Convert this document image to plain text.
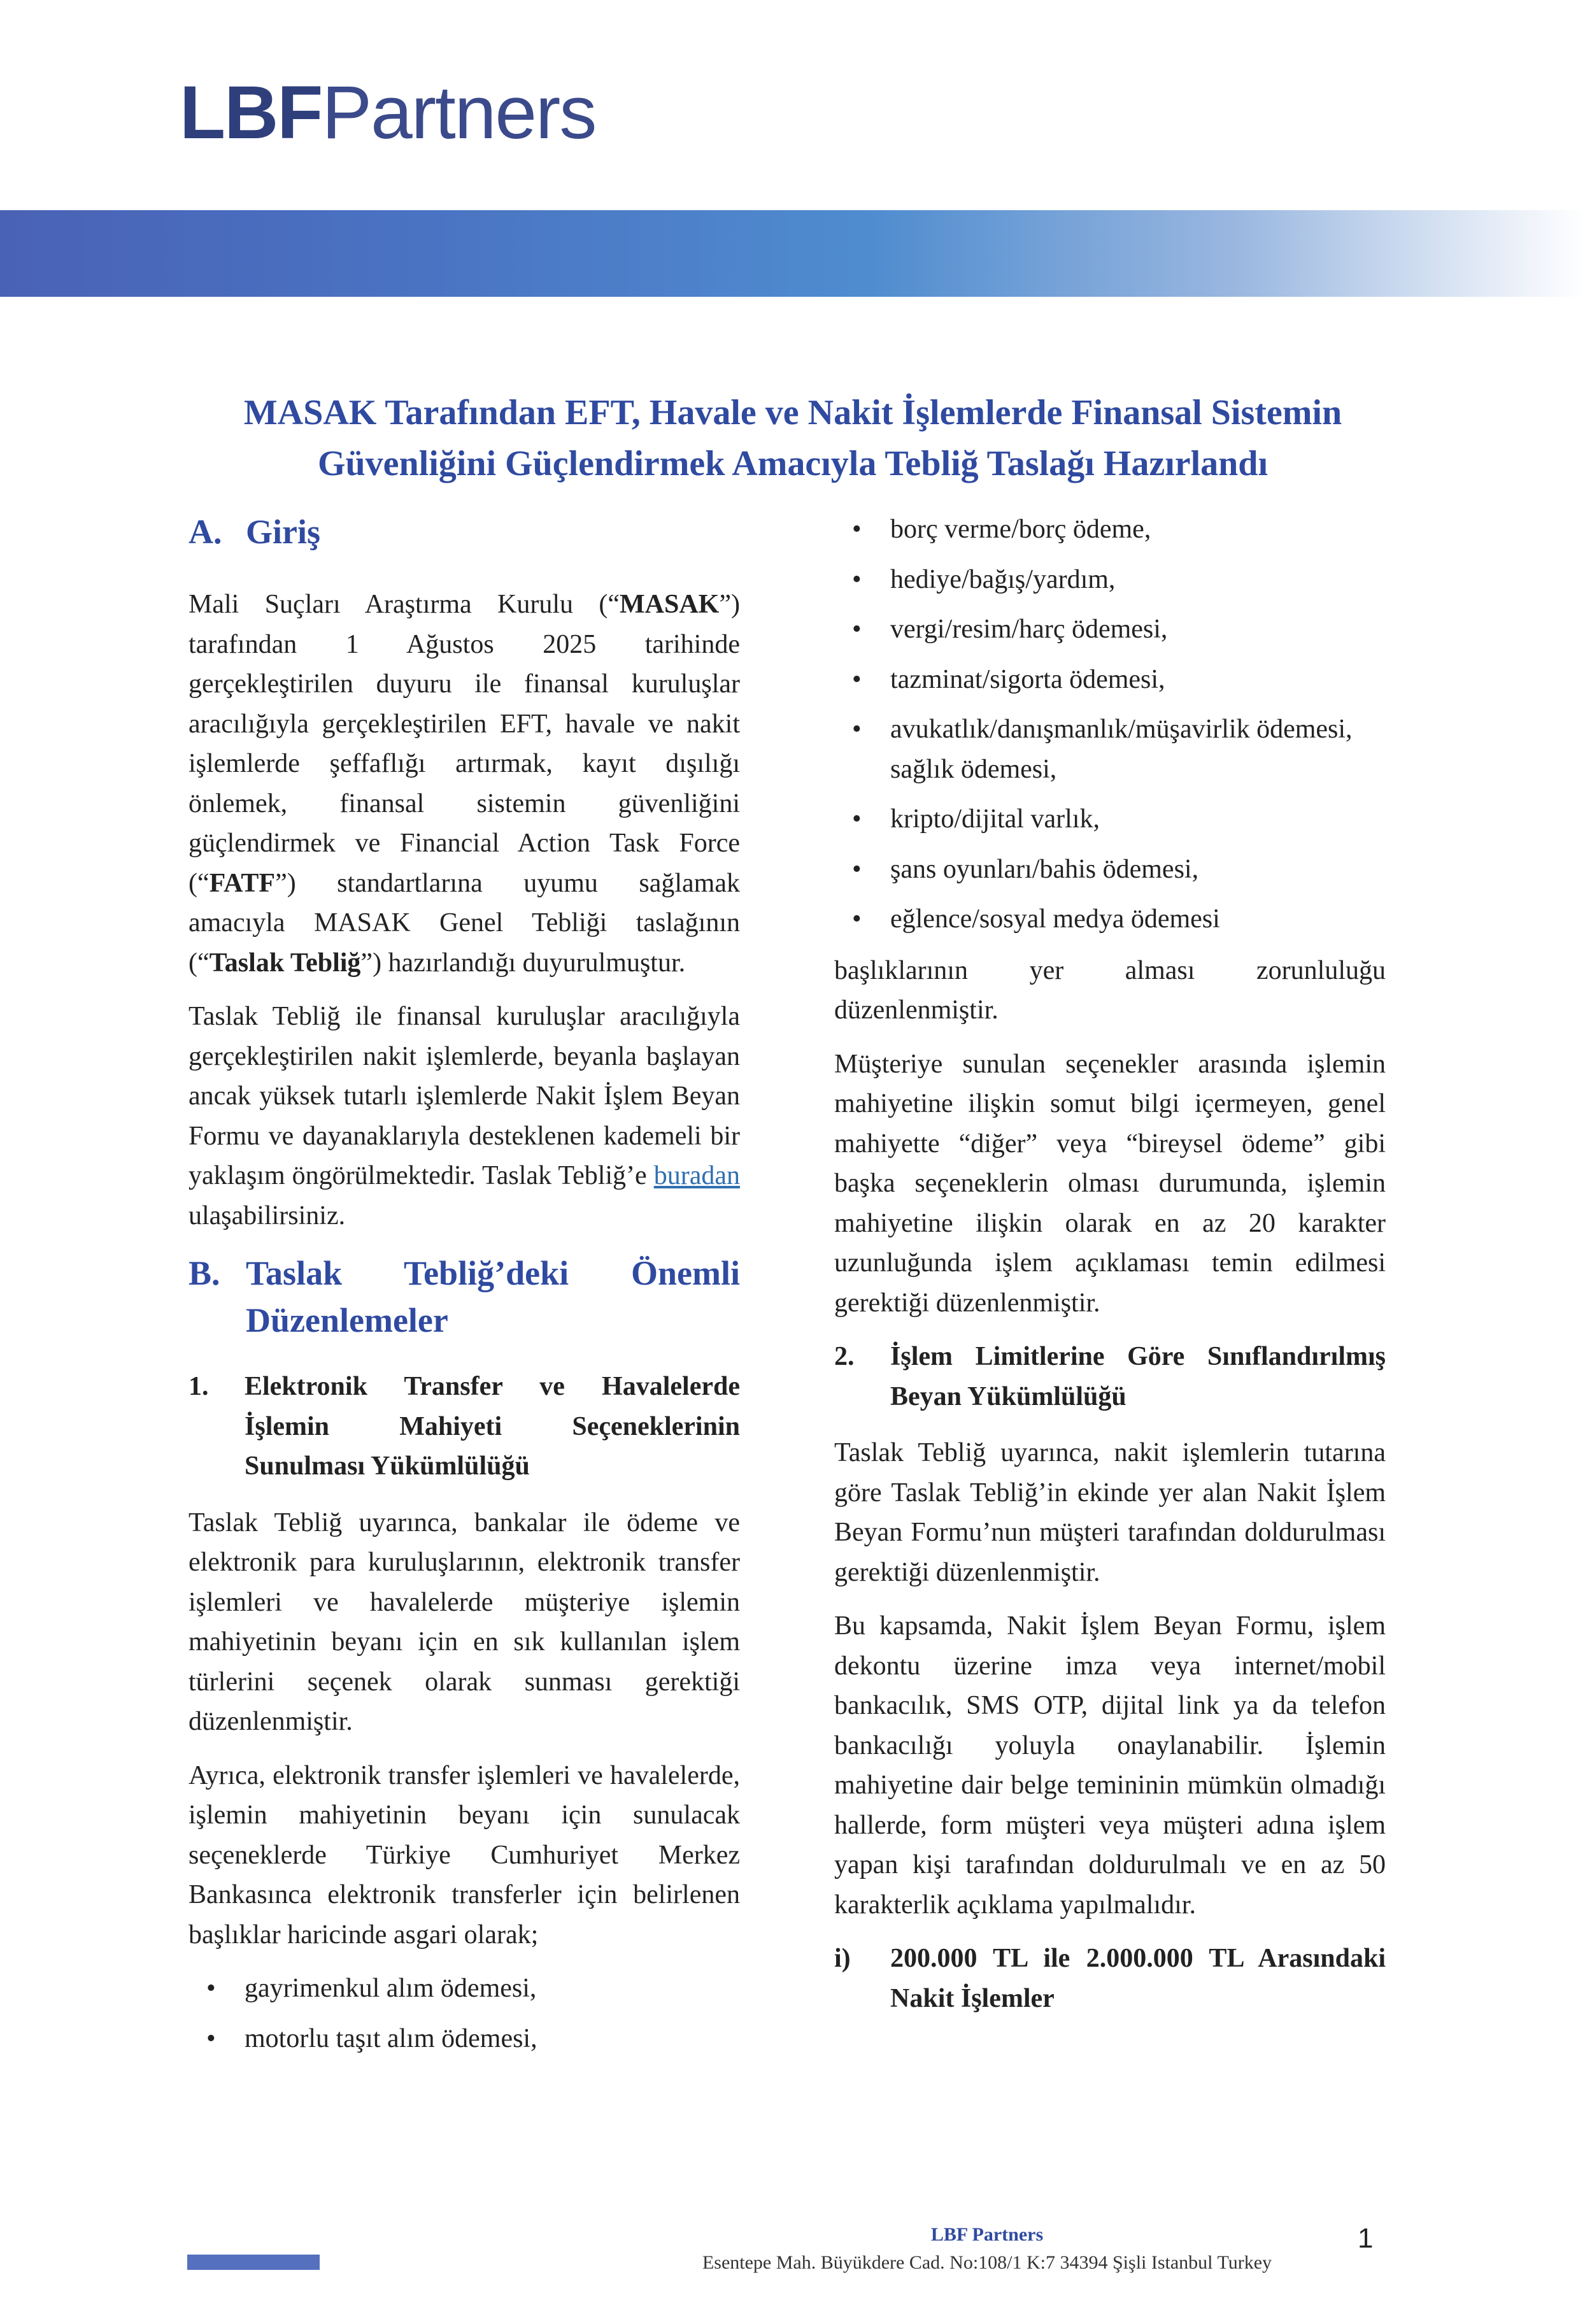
LBFPartners
MASAK Tarafından EFT, Havale ve Nakit İşlemlerde Finansal Sistemin
Güvenliğini Güçlendirmek Amacıyla Tebliğ Taslağı Hazırlandı
A. Giriş

Mali Suçları Araştırma Kurulu (“MASAK”) tarafından 1 Ağustos 2025 tarihinde gerçekleştirilen duyuru ile finansal kuruluşlar aracılığıyla gerçekleştirilen EFT, havale ve nakit işlemlerde şeffaflığı artırmak, kayıt dışılığı önlemek, finansal sistemin güvenliğini güçlendirmek ve Financial Action Task Force (“FATF”) standartlarına uyumu sağlamak amacıyla MASAK Genel Tebliği taslağının (“Taslak Tebliğ”) hazırlandığı duyurulmuştur.

Taslak Tebliğ ile finansal kuruluşlar aracılığıyla gerçekleştirilen nakit işlemlerde, beyanla başlayan ancak yüksek tutarlı işlemlerde Nakit İşlem Beyan Formu ve dayanaklarıyla desteklenen kademeli bir yaklaşım öngörülmektedir. Taslak Tebliğ’e buradan ulaşabilirsiniz.

B. Taslak Tebliğ’deki Önemli
Düzenlemeler
1.	Elektronik Transfer ve Havalelerde İşlemin Mahiyeti Seçeneklerinin Sunulması Yükümlülüğü

Taslak Tebliğ uyarınca, bankalar ile ödeme ve elektronik para kuruluşlarının, elektronik transfer işlemleri ve havalelerde müşteriye işlemin mahiyetinin beyanı için en sık kullanılan işlem türlerini seçenek olarak sunması gerektiği düzenlenmiştir.

Ayrıca, elektronik transfer işlemleri ve havalelerde, işlemin mahiyetinin beyanı için sunulacak seçeneklerde Türkiye Cumhuriyet Merkez Bankasınca elektronik transferler için belirlenen başlıklar haricinde asgari olarak;

• gayrimenkul alım ödemesi,
• motorlu taşıt alım ödemesi,
• borç verme/borç ödeme,
• hediye/bağış/yardım,
• vergi/resim/harç ödemesi,
• tazminat/sigorta ödemesi,
• avukatlık/danışmanlık/müşavirlik ödemesi, sağlık ödemesi,
• kripto/dijital varlık,
• şans oyunları/bahis ödemesi,
• eğlence/sosyal medya ödemesi

başlıklarının yer alması zorunluluğu düzenlenmiştir.

Müşteriye sunulan seçenekler arasında işlemin mahiyetine ilişkin somut bilgi içermeyen, genel mahiyette “diğer” veya “bireysel ödeme” gibi başka seçeneklerin olması durumunda, işlemin mahiyetine ilişkin olarak en az 20 karakter uzunluğunda işlem açıklaması temin edilmesi gerektiği düzenlenmiştir.

2.	İşlem Limitlerine Göre Sınıflandırılmış Beyan Yükümlülüğü

Taslak Tebliğ uyarınca, nakit işlemlerin tutarına göre Taslak Tebliğ’in ekinde yer alan Nakit İşlem Beyan Formu’nun müşteri tarafından doldurulması gerektiği düzenlenmiştir.

Bu kapsamda, Nakit İşlem Beyan Formu, işlem dekontu üzerine imza veya internet/mobil bankacılık, SMS OTP, dijital link ya da telefon bankacılığı yoluyla onaylanabilir. İşlemin mahiyetine dair belge temininin mümkün olmadığı hallerde, form müşteri veya müşteri adına işlem yapan kişi tarafından doldurulmalı ve en az 50 karakterlik açıklama yapılmalıdır.

i)	200.000 TL ile 2.000.000 TL Arasındaki Nakit İşlemler
LBF Partners
Esentepe Mah. Büyükdere Cad. No:108/1 K:7 34394 Şişli Istanbul Turkey
1
